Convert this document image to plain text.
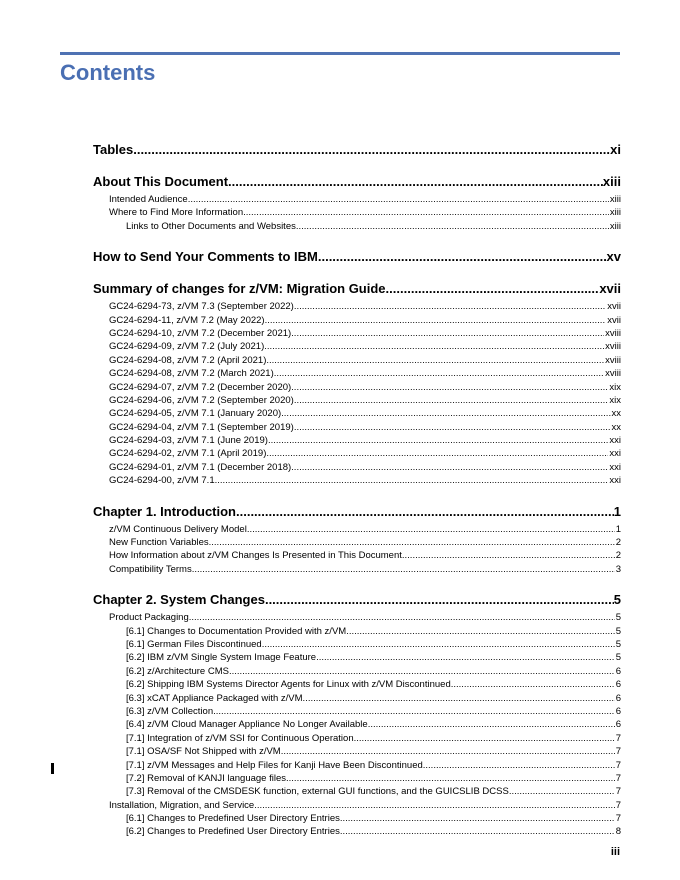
Contents
Tables .....	xi
About This Document .....	xiii
Intended Audience .....	xiii
Where to Find More Information .....	xiii
Links to Other Documents and Websites .....	xiii
How to Send Your Comments to IBM .....	xv
Summary of changes for z/VM: Migration Guide .....	xvii
GC24-6294-73, z/VM 7.3 (September 2022) .....	xvii
GC24-6294-11, z/VM 7.2 (May 2022) .....	xvii
GC24-6294-10, z/VM 7.2 (December 2021) .....	xviii
GC24-6294-09, z/VM 7.2 (July 2021) .....	xviii
GC24-6294-08, z/VM 7.2 (April 2021) .....	xviii
GC24-6294-08, z/VM 7.2 (March 2021) .....	xviii
GC24-6294-07, z/VM 7.2 (December 2020) .....	xix
GC24-6294-06, z/VM 7.2 (September 2020) .....	xix
GC24-6294-05, z/VM 7.1 (January 2020) .....	xx
GC24-6294-04, z/VM 7.1 (September 2019) .....	xx
GC24-6294-03, z/VM 7.1 (June 2019) .....	xxi
GC24-6294-02, z/VM 7.1 (April 2019) .....	xxi
GC24-6294-01, z/VM 7.1 (December 2018) .....	xxi
GC24-6294-00, z/VM 7.1 .....	xxi
Chapter 1. Introduction .....	1
z/VM Continuous Delivery Model .....	1
New Function Variables .....	2
How Information about z/VM Changes Is Presented in This Document .....	2
Compatibility Terms .....	3
Chapter 2. System Changes .....	5
Product Packaging .....	5
[6.1] Changes to Documentation Provided with z/VM .....	5
[6.1] German Files Discontinued .....	5
[6.2] IBM z/VM Single System Image Feature .....	5
[6.2] z/Architecture CMS .....	6
[6.2] Shipping IBM Systems Director Agents for Linux with z/VM Discontinued .....	6
[6.3] xCAT Appliance Packaged with z/VM .....	6
[6.3] z/VM Collection .....	6
[6.4] z/VM Cloud Manager Appliance No Longer Available .....	6
[7.1] Integration of z/VM SSI for Continuous Operation .....	7
[7.1] OSA/SF Not Shipped with z/VM .....	7
[7.1] z/VM Messages and Help Files for Kanji Have Been Discontinued .....	7
[7.2] Removal of KANJI language files .....	7
[7.3] Removal of the CMSDESK function, external GUI functions, and the GUICSLIB DCSS .....	7
Installation, Migration, and Service .....	7
[6.1] Changes to Predefined User Directory Entries .....	7
[6.2] Changes to Predefined User Directory Entries .....	8
iii
